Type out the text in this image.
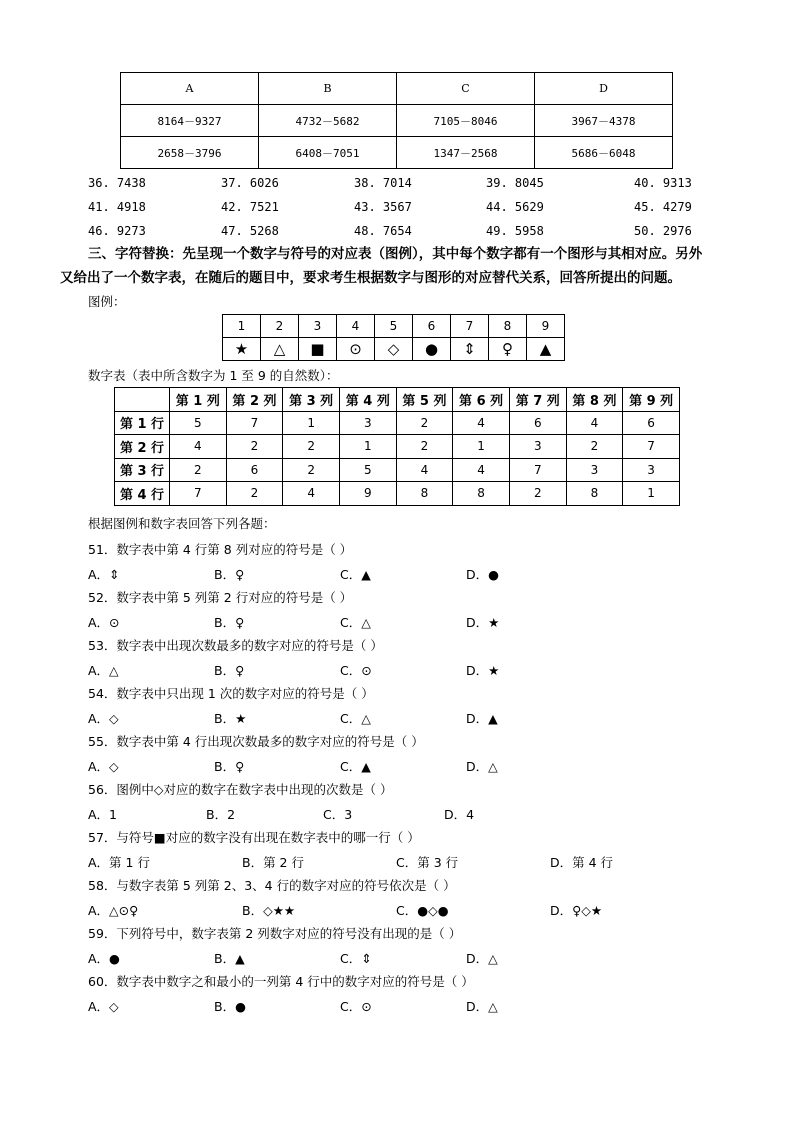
A	B	C	D
8164－9327	4732－5682	7105－8046	3967－4378
2658－3796	6408－7051	1347－2568	5686－6048
36. 7438	37. 6026	38. 7014	39. 8045	40. 9313
41. 4918	42. 7521	43. 3567	44. 5629	45. 4279
46. 9273	47. 5268	48. 7654	49. 5958	50. 2976
三、字符替换：先呈现一个数字与符号的对应表（图例），其中每个数字都有一个图形与其相对应。另外
又给出了一个数字表，在随后的题目中，要求考生根据数字与图形的对应替代关系，回答所提出的问题。
图例：
1	2	3	4	5	6	7	8	9
★	△	■	⊙	◇	●	⇕	♀	▲
数字表（表中所含数字为 1 至 9 的自然数）：
	第 1 列	第 2 列	第 3 列	第 4 列	第 5 列	第 6 列	第 7 列	第 8 列	第 9 列
第 1 行	5	7	1	3	2	4	6	4	6
第 2 行	4	2	2	1	2	1	3	2	7
第 3 行	2	6	2	5	4	4	7	3	3
第 4 行	7	2	4	9	8	8	2	8	1
根据图例和数字表回答下列各题：
51．数字表中第 4 行第 8 列对应的符号是（ ）
A．⇕	B．♀	C．▲	D．●
52．数字表中第 5 列第 2 行对应的符号是（ ）
A．⊙	B．♀	C．△	D．★
53．数字表中出现次数最多的数字对应的符号是（ ）
A．△	B．♀	C．⊙	D．★
54．数字表中只出现 1 次的数字对应的符号是（ ）
A．◇	B．★	C．△	D．▲
55．数字表中第 4 行出现次数最多的数字对应的符号是（ ）
A．◇	B．♀	C．▲	D．△
56．图例中◇对应的数字在数字表中出现的次数是（ ）
A．1	B．2	C．3	D．4
57．与符号■对应的数字没有出现在数字表中的哪一行（ ）
A．第 1 行	B．第 2 行	C．第 3 行	D．第 4 行
58．与数字表第 5 列第 2、3、4 行的数字对应的符号依次是（ ）
A．△⊙♀	B．◇★★	C．●◇●	D．♀◇★
59．下列符号中，数字表第 2 列数字对应的符号没有出现的是（ ）
A．●	B．▲	C．⇕	D．△
60．数字表中数字之和最小的一列第 4 行中的数字对应的符号是（ ）
A．◇	B．●	C．⊙	D．△
